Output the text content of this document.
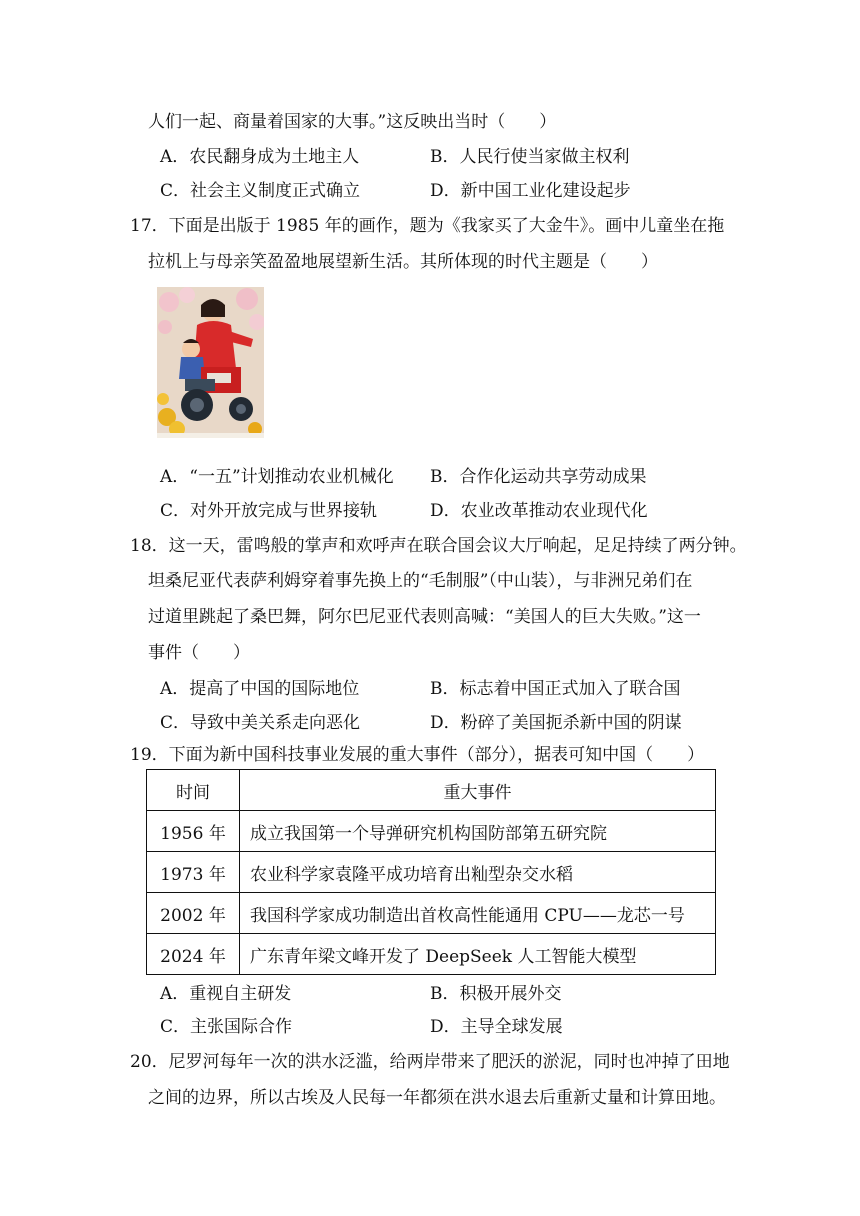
人们一起、商量着国家的大事。”这反映出当时（　　）
A．农民翻身成为土地主人	B．人民行使当家做主权利
C．社会主义制度正式确立	D．新中国工业化建设起步
17．下面是出版于 1985 年的画作，题为《我家买了大金牛》。画中儿童坐在拖
拉机上与母亲笑盈盈地展望新生活。其所体现的时代主题是（　　）
A．“一五”计划推动农业机械化 B．合作化运动共享劳动成果
C．对外开放完成与世界接轨	D．农业改革推动农业现代化
18．这一天，雷鸣般的掌声和欢呼声在联合国会议大厅响起，足足持续了两分钟。
坦桑尼亚代表萨利姆穿着事先换上的“毛制服”（中山装），与非洲兄弟们在
过道里跳起了桑巴舞，阿尔巴尼亚代表则高喊：“美国人的巨大失败。”这一
事件（　　）
A．提高了中国的国际地位	B．标志着中国正式加入了联合国
C．导致中美关系走向恶化	D．粉碎了美国扼杀新中国的阴谋
19．下面为新中国科技事业发展的重大事件（部分），据表可知中国（　　）
时间	重大事件
1956 年	成立我国第一个导弹研究机构国防部第五研究院
1973 年	农业科学家袁隆平成功培育出籼型杂交水稻
2002 年	我国科学家成功制造出首枚高性能通用 CPU——龙芯一号
2024 年	广东青年梁文峰开发了 DeepSeek 人工智能大模型
A．重视自主研发	B．积极开展外交
C．主张国际合作	D．主导全球发展
20．尼罗河每年一次的洪水泛滥，给两岸带来了肥沃的淤泥，同时也冲掉了田地
之间的边界，所以古埃及人民每一年都须在洪水退去后重新丈量和计算田地。
